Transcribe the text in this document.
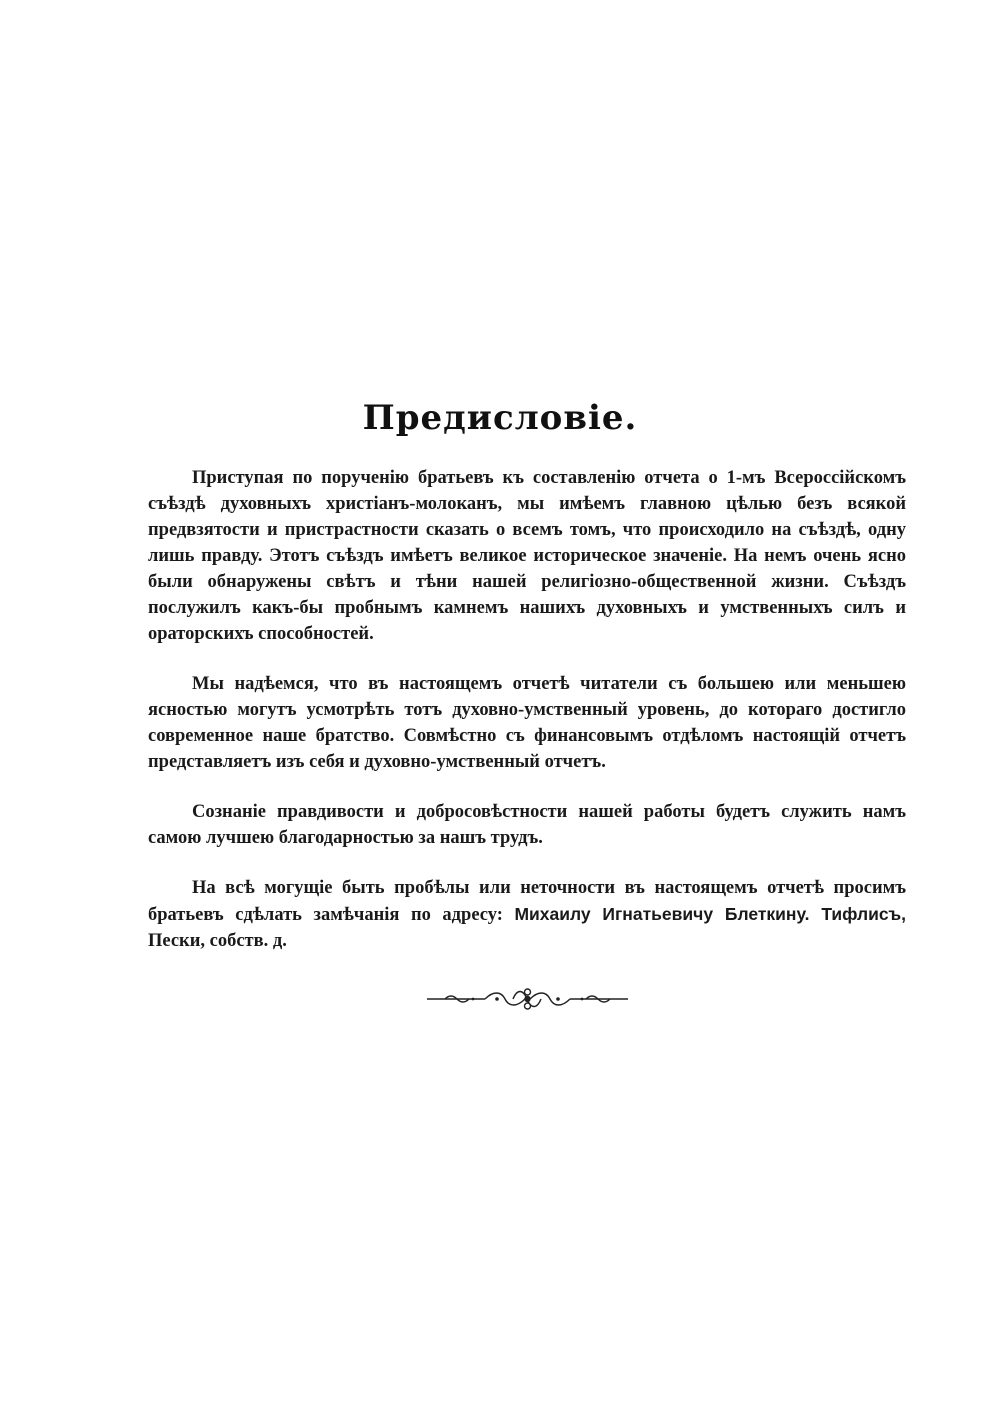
Предисловіе.

Приступая по порученію братьевъ къ составленію отчета о 1-мъ Всероссійскомъ съѣздѣ духовныхъ христіанъ-молоканъ, мы имѣемъ главною цѣлью безъ всякой предвзятости и пристрастности сказать о всемъ томъ, что происходило на съѣздѣ, одну лишь правду. Этотъ съѣздъ имѣетъ великое историческое значеніе. На немъ очень ясно были обнаружены свѣтъ и тѣни нашей религіозно-общественной жизни. Съѣздъ послужилъ какъ-бы пробнымъ камнемъ нашихъ духовныхъ и умственныхъ силъ и ораторскихъ способностей.

Мы надѣемся, что въ настоящемъ отчетѣ читатели съ большею или меньшею ясностью могутъ усмотрѣть тотъ духовно-умственный уровень, до котораго достигло современное наше братство. Совмѣстно съ финансовымъ отдѣломъ настоящій отчетъ представляетъ изъ себя и духовно-умственный отчетъ.

Сознаніе правдивости и добросовѣстности нашей работы будетъ служить намъ самою лучшею благодарностью за нашъ трудъ.

На всѣ могущіе быть пробѣлы или неточности въ настоящемъ отчетѣ просимъ братьевъ сдѣлать замѣчанія по адресу: Михаилу Игнатьевичу Блеткину. Тифлисъ, Пески, собств. д.
